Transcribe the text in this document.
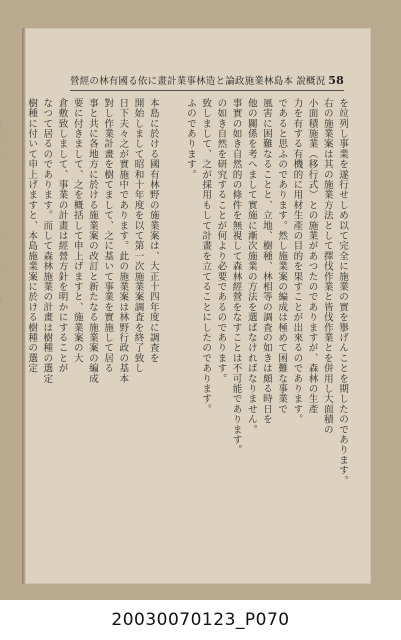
營經の林有國る依に畫計業事林造と論政施業林島本 說概況 58
を竝列し事業を遂行せしめ以て完全に施業の實を擧げんことを期したのであります。
右の施業案は其の施業方法として擇伐作業と皆伐作業とを併用し大面積の
小面積施業（移行式）との施業があつたのでありますが、森林の生產
力を有する有機的に用材生產の目的を果すことが出來るのであります。
であると思ふのであります。然し施業案の編成は極めて困難な事業で
風害に困難なることと、立地、樹種、林相等の調査の如きは頗る時日を
他の關係を考へまして實施に漸次施業の方法を選ばなければなりません。
事實の如き自然的の條件を無視して森林經營をなすことは不可能であります。
の如き自然を研究することが何より必要であるのであります。
致しまして、之が採用もして計畫を立てることにしたのであります。
ふのであります。
本島に於ける國有林野の施業案は、大正十四年度に調査を
開始しまして昭和十年度を以て第一次施業案調査を終了致し
日下夫々之が實施中であります。此の施業案は林野行政の基本
對し作業計畫を樹てまして、之に基いて事業を實施して居る
事と共に各地方に於ける施業案の改訂と新たなる施業案の編成
要に付きまして、之を概括して申上げますと、施業案の大
倉敷致しまして、事業の計畫は經營方針を明かにすることが
なつて居るのであります。而して森林施業の計畫は樹種の選定
樹種に付いて申上げますと、本島施業案に於ける樹種の選定
20030070123_P070
